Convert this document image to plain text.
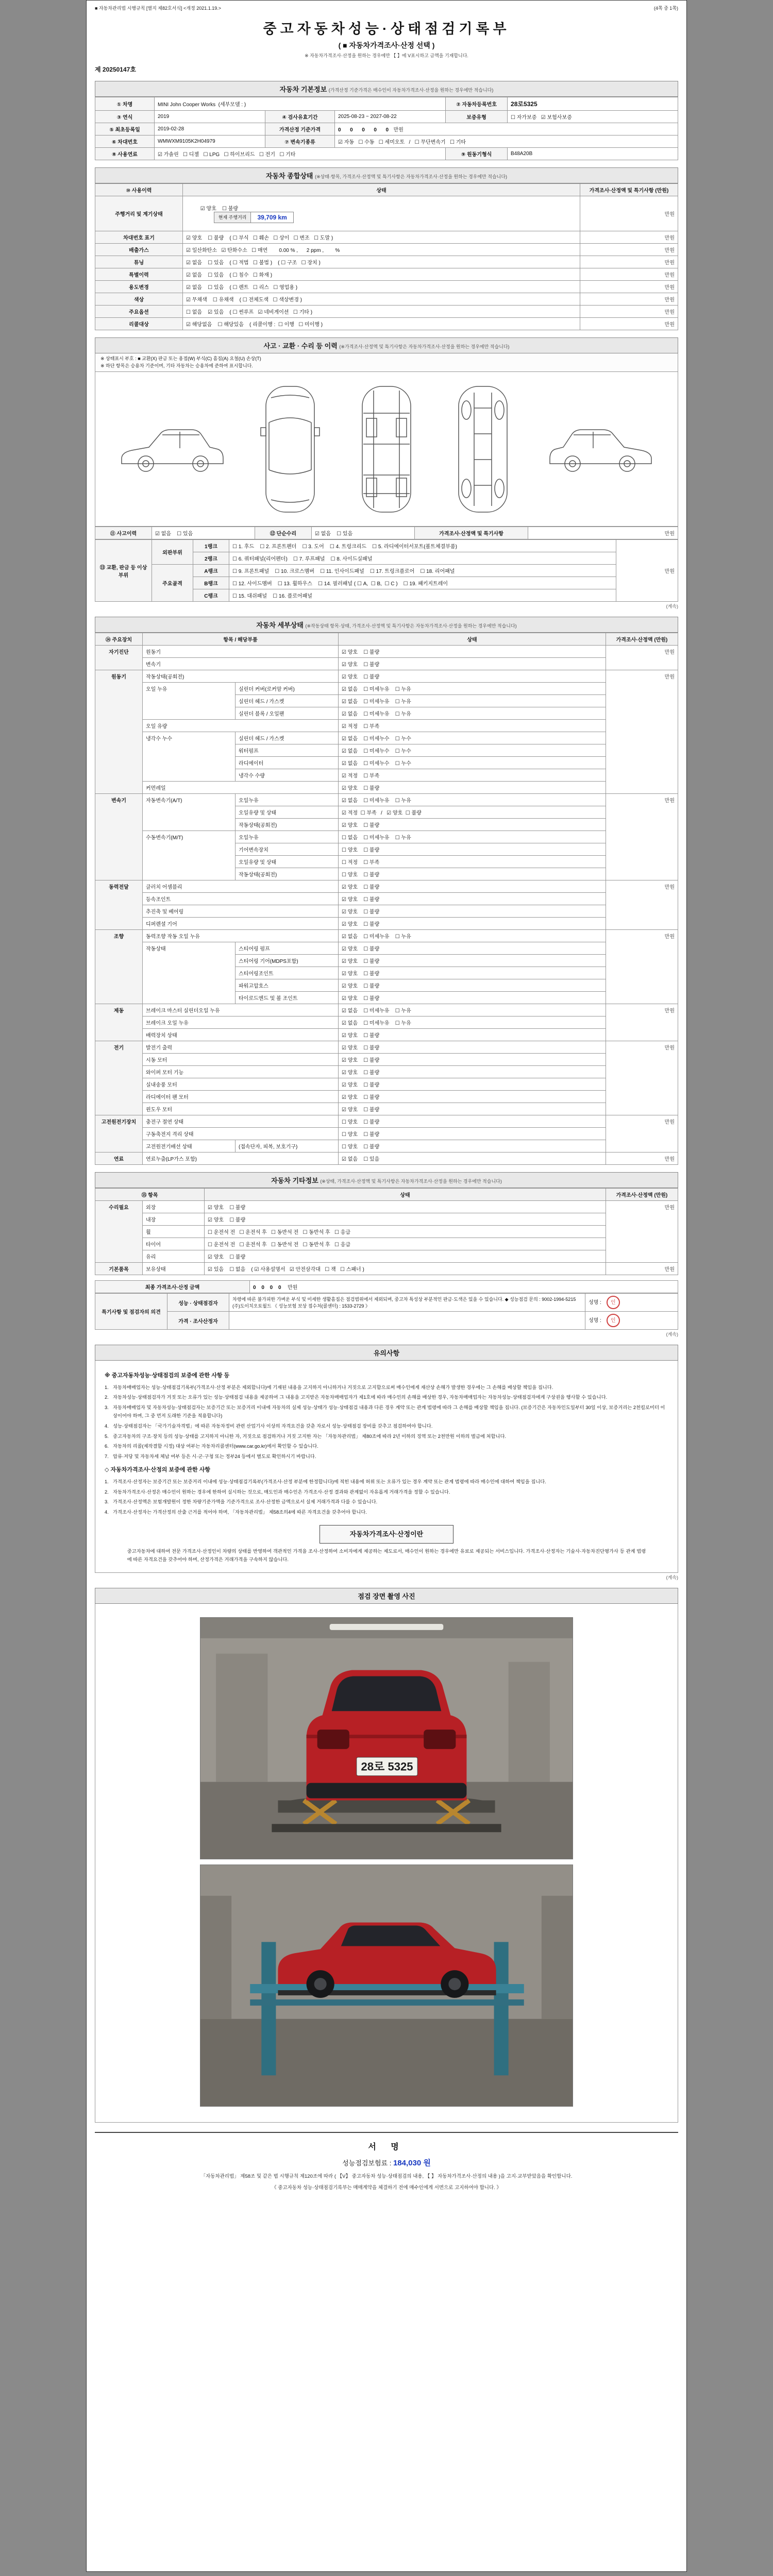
■ 자동차관리법 시행규칙 [별지 제82호서식] <개정 2021.1.19.>	(4쪽 중 1쪽)
중고자동차성능·상태점검기록부
( ■ 자동차가격조사·산정 선택 )
※ 자동차가격조사·산정을 원하는 경우에만 【 】에 V표시하고 금액을 기재합니다.
제 20250147호
자동차 기본정보 (가격산정 기준가격은 매수인이 자동차가격조사·산정을 원하는 경우에만 적습니다)
① 차명	MINI John Cooper Works  (세부모델 : )			② 자동차등록번호	28로5325
③ 연식	2019	④ 검사유효기간	2025-08-23 ~ 2027-08-22	보증유형	☐ 자가보증   ☑ 보험사보증
⑤ 최초등록일	2019-02-28	가격산정 기준가격	0  0  0  0  0 만원		
⑥ 차대번호	WMWXM9105K2H04979	⑦ 변속기종류	☑ 자동   ☐ 수동   ☐ 세미오토   /   ☐ 무단변속기   ☐ 기타		
⑧ 사용연료	☑ 가솔린   ☐ 디젤   ☐ LPG   ☐ 하이브리드   ☐ 전기   ☐ 기타			⑨ 원동기형식	B48A20B
자동차 종합상태 (※상태·항목, 가격조사·산정액 및 특기사항은 자동차가격조사·산정을 원하는 경우에만 적습니다)
⑩ 사용이력	상태	가격조사·산정액 및 특기사항 (만원)
주행거리 및 계기상태	☑ 양호    ☐ 불량

현재 주행거리 39,709 km	만원
차대번호 표기	☑ 양호    ☐ 불량    ( ☐ 부식   ☐ 훼손   ☐ 상이   ☐ 변조   ☐ 도말 )	만원
배출가스	☑ 일산화탄소   ☑ 탄화수소   ☐ 매연        0.00 % ,      2 ppm ,        %	만원
튜닝	☑ 없음    ☐ 있음    ( ☐ 적법   ☐ 불법 )    ( ☐ 구조   ☐ 장치 )	만원
특별이력	☑ 없음    ☐ 있음    ( ☐ 침수   ☐ 화재 )	만원
용도변경	☑ 없음    ☐ 있음    ( ☐ 렌트   ☐ 리스   ☐ 영업용 )	만원
색상	☑ 무채색    ☐ 유채색    ( ☐ 전체도색   ☐ 색상변경 )	만원
주요옵션	☐ 없음    ☑ 있음    ( ☐ 썬루프   ☑ 네비게이션   ☐ 기타 )	만원
리콜대상	☑ 해당없음    ☐ 해당있음    ( 리콜이행 :  ☐ 이행   ☐ 미이행 )	만원
사고 · 교환 · 수리 등 이력 (※가격조사·산정액 및 특기사항은 자동차가격조사·산정을 원하는 경우에만 적습니다)
※ 상태표시 부호 : ■ 교환(X) 판금 또는 용접(W) 부식(C) 흠집(A) 요철(U) 손상(T)
※ 하단 항목은 승용차 기준이며, 기타 자동차는 승용차에 준하여 표시합니다.
⑪ 사고이력	☑ 없음    ☐ 있음	⑫ 단순수리	☑ 없음    ☐ 있음	가격조사·산정액 및 특기사항	만원
⑬ 교환, 판금 등 이상 부위	외판부위	1랭크	☐ 1. 후드    ☐ 2. 프론트펜더    ☐ 3. 도어    ☐ 4. 트렁크리드    ☐ 5. 라디에이터서포트(볼트체결부품)	만원
		2랭크	☐ 6. 쿼터패널(리어펜더)    ☐ 7. 루프패널    ☐ 8. 사이드실패널	
	주요골격	A랭크	☐ 9. 프론트패널    ☐ 10. 크로스멤버    ☐ 11. 인사이드패널    ☐ 17. 트렁크플로어    ☐ 18. 리어패널	
		B랭크	☐ 12. 사이드멤버    ☐ 13. 휠하우스    ☐ 14. 필러패널 ( ☐ A,  ☐ B,  ☐ C )    ☐ 19. 패키지트레이	
		C랭크	☐ 15. 대쉬패널    ☐ 16. 플로어패널	
(계속)
자동차 세부상태 (※작동상태 항목·상태, 가격조사·산정액 및 특기사항은 자동차가격조사·산정을 원하는 경우에만 적습니다)
⑭ 주요장치	항목 / 해당부품		상태	가격조사·산정액 (만원)
자기진단	원동기		☑ 양호    ☐ 불량	만원
	변속기		☑ 양호    ☐ 불량	
원동기	작동상태(공회전)		☑ 양호    ☐ 불량	만원
	오일 누유	실린더 커버(로커암 커버)	☑ 없음    ☐ 미세누유    ☐ 누유	
		실린더 헤드 / 가스켓	☑ 없음    ☐ 미세누유    ☐ 누유	
		실린더 블록 / 오일팬	☑ 없음    ☐ 미세누유    ☐ 누유	
	오일 유량		☑ 적정    ☐ 부족	
	냉각수 누수	실린더 헤드 / 가스켓	☑ 없음    ☐ 미세누수    ☐ 누수	
		워터펌프	☑ 없음    ☐ 미세누수    ☐ 누수	
		라디에이터	☑ 없음    ☐ 미세누수    ☐ 누수	
		냉각수 수량	☑ 적정    ☐ 부족	
	커먼레일		☑ 양호    ☐ 불량	
변속기	자동변속기(A/T)	오일누유	☑ 없음    ☐ 미세누유    ☐ 누유	만원
		오일유량 및 상태	☑ 적정  ☐ 부족   /   ☑ 양호  ☐ 불량	
		작동상태(공회전)	☑ 양호    ☐ 불량	
	수동변속기(M/T)	오일누유	☐ 없음    ☐ 미세누유    ☐ 누유	
		기어변속장치	☐ 양호    ☐ 불량	
		오일유량 및 상태	☐ 적정    ☐ 부족	
		작동상태(공회전)	☐ 양호    ☐ 불량	
동력전달	클러치 어셈블리		☑ 양호    ☐ 불량	만원
	등속조인트		☑ 양호    ☐ 불량	
	추진축 및 베어링		☑ 양호    ☐ 불량	
	디퍼렌셜 기어		☑ 양호    ☐ 불량	
조향	동력조향 작동 오일 누유		☑ 없음    ☐ 미세누유    ☐ 누유	만원
	작동상태	스티어링 펌프	☑ 양호    ☐ 불량	
		스티어링 기어(MDPS포함)	☑ 양호    ☐ 불량	
		스티어링조인트	☑ 양호    ☐ 불량	
		파워고압호스	☑ 양호    ☐ 불량	
		타이로드엔드 및 볼 조인트	☑ 양호    ☐ 불량	
제동	브레이크 마스터 실린더오일 누유		☑ 없음    ☐ 미세누유    ☐ 누유	만원
	브레이크 오일 누유		☑ 없음    ☐ 미세누유    ☐ 누유	
	배력장치 상태		☑ 양호    ☐ 불량	
전기	발전기 출력		☑ 양호    ☐ 불량	만원
	시동 모터		☑ 양호    ☐ 불량	
	와이퍼 모터 기능		☑ 양호    ☐ 불량	
	실내송풍 모터		☑ 양호    ☐ 불량	
	라디에이터 팬 모터		☑ 양호    ☐ 불량	
	윈도우 모터		☑ 양호    ☐ 불량	
고전원전기장치	충전구 절연 상태		☐ 양호    ☐ 불량	만원
	구동축전지 격리 상태		☐ 양호    ☐ 불량	
	고전원전기배선 상태	(접속단자, 피복, 보호기구)	☐ 양호    ☐ 불량	
연료	연료누출(LP가스 포함)		☑ 없음    ☐ 있음	만원
자동차 기타정보 (※상태, 가격조사·산정액 및 특기사항은 자동차가격조사·산정을 원하는 경우에만 적습니다)
⑮ 항목		상태	가격조사·산정액 (만원)
수리필요	외장	☑ 양호    ☐ 불량	만원
	내장	☑ 양호    ☐ 불량	
	휠	☐ 운전석 전   ☐ 운전석 후   ☐ 동반석 전   ☐ 동반석 후   ☐ 응급	
	타이어	☐ 운전석 전   ☐ 운전석 후   ☐ 동반석 전   ☐ 동반석 후   ☐ 응급	
	유리	☑ 양호    ☐ 불량	
기본품목	보유상태	☑ 있음    ☐ 없음    ( ☑ 사용설명서   ☑ 안전삼각대   ☐ 잭   ☐ 스패너 )	만원
최종 가격조사·산정 금액	0 0 0 0 만원
특기사항 및 점검자의 의견	성능 · 상태점검자	차령에 따른 불가피한 가벼운 부식 및 미세한 생활흠집은 점검범위에서 제외되며, 중고차 특성상 부분적인 판금·도색은 있을 수 있습니다. ◆ 성능점검 문의 : 9002-1994-5215 (주)도이치오토월드 《 성능보험 보상 접수처(콜센터) : 1533-2729 》	성명 : 인
	가격 · 조사산정자		성명 : 인
(계속)
유의사항
※ 중고자동차성능·상태점검의 보증에 관한 사항 등
1. 자동차매매업자는 성능·상태점검기록부(가격조사·산정 부분은 제외합니다)에 기재된 내용을 고지하지 아니하거나 거짓으로 고지함으로써 매수인에게 재산상 손해가 발생한 경우에는 그 손해를 배상할 책임을 집니다.
2. 자동차성능·상태점검자가 거짓 또는 오류가 있는 성능·상태점검 내용을 제공하여 그 내용을 고지받은 자동차매매업자가 제1호에 따라 매수인의 손해를 배상한 경우, 자동차매매업자는 자동차성능·상태점검자에게 구상권을 행사할 수 있습니다.
3. 자동차매매업자 및 자동차성능·상태점검자는 보증기간 또는 보증거리 이내에 자동차의 실제 성능·상태가 성능·상태점검 내용과 다른 경우 계약 또는 관계 법령에 따라 그 손해를 배상할 책임을 집니다. (보증기간은 자동차인도일부터 30일 이상, 보증거리는 2천킬로미터 이상이어야 하며, 그 중 먼저 도래한 기준을 적용합니다)
4. 성능·상태점검자는 「국가기술자격법」에 따른 자동차정비 관련 산업기사 이상의 자격요건을 갖춘 자로서 성능·상태점검 장비를 갖추고 점검하여야 합니다.
5. 중고자동차의 구조·장치 등의 성능·상태를 고지하지 아니한 자, 거짓으로 점검하거나 거짓 고지한 자는 「자동차관리법」 제80조에 따라 2년 이하의 징역 또는 2천만원 이하의 벌금에 처합니다.
6. 자동차의 리콜(제작결함 시정) 대상 여부는 자동차리콜센터(www.car.go.kr)에서 확인할 수 있습니다.
7. 압류·저당 및 자동차세 체납 여부 등은 시·군·구청 또는 정부24 등에서 별도로 확인하시기 바랍니다.
◇ 자동차가격조사·산정의 보증에 관한 사항
1. 가격조사·산정자는 보증기간 또는 보증거리 이내에 성능·상태점검기록부(가격조사·산정 부분에 한정합니다)에 적힌 내용에 허위 또는 오류가 있는 경우 계약 또는 관계 법령에 따라 매수인에 대하여 책임을 집니다.
2. 자동차가격조사·산정은 매수인이 원하는 경우에 한하여 실시하는 것으로, 매도인과 매수인은 가격조사·산정 결과와 관계없이 자유롭게 거래가격을 정할 수 있습니다.
3. 가격조사·산정액은 보험개발원이 정한 차량기준가액을 기준가격으로 조사·산정한 금액으로서 실제 거래가격과 다를 수 있습니다.
4. 가격조사·산정자는 가격산정의 산출 근거를 적어야 하며, 「자동차관리법」 제58조의4에 따른 자격요건을 갖추어야 합니다.
자동차가격조사·산정이란
중고자동차에 대하여 전문 가격조사·산정인이 차량의 상태를 반영하여 객관적인 가격을 조사·산정하여 소비자에게 제공하는 제도로서, 매수인이 원하는 경우에만 유료로 제공되는 서비스입니다. 가격조사·산정자는 기술사·자동차진단평가사 등 관계 법령에 따른 자격요건을 갖추어야 하며, 산정가격은 거래가격을 구속하지 않습니다.
(계속)
점검 장면 촬영 사진
28로 5325
서 명
성능점검보험료 : 184,030 원
「자동차관리법」 제58조 및 같은 법 시행규칙 제120조에 따라 ( 【V】 중고자동차 성능·상태점검의 내용, 【 】 자동차가격조사·산정의 내용 )을 고지·교부받았음을 확인합니다.
《 중고자동차 성능·상태점검기록부는 매매계약을 체결하기 전에 매수인에게 서면으로 고지하여야 합니다. 》
